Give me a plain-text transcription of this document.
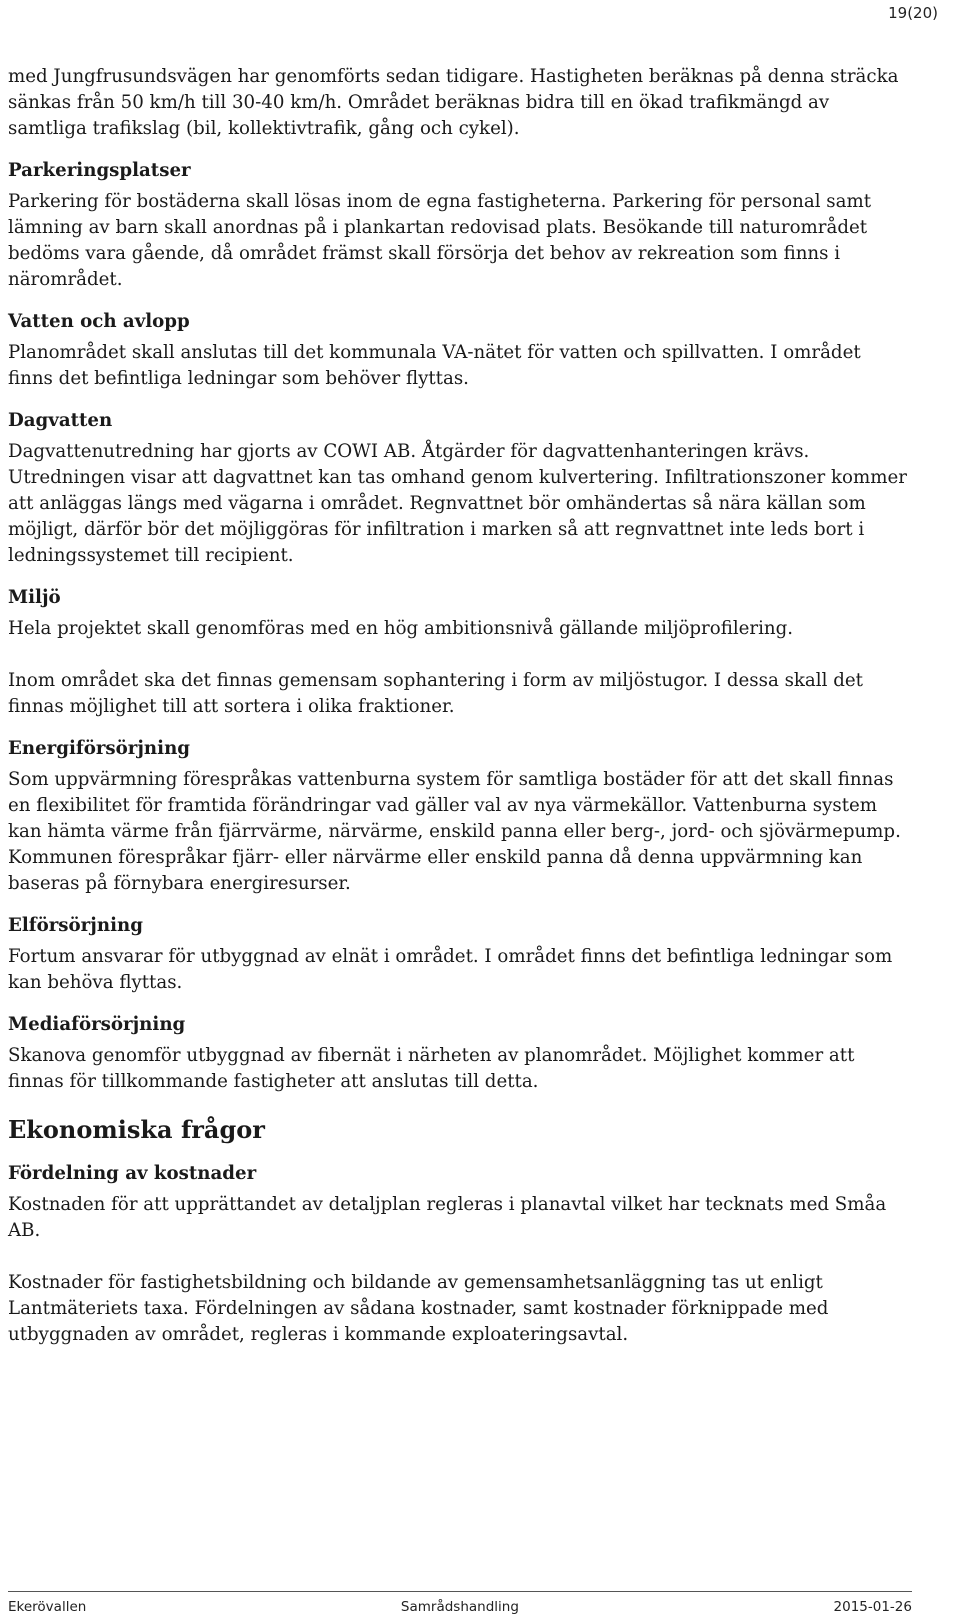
19(20)

med Jungfrusundsvägen har genomförts sedan tidigare. Hastigheten beräknas på denna sträcka sänkas från 50 km/h till 30-40 km/h. Området beräknas bidra till en ökad trafikmängd av samtliga trafikslag (bil, kollektivtrafik, gång och cykel).

Parkeringsplatser

Parkering för bostäderna skall lösas inom de egna fastigheterna. Parkering för personal samt lämning av barn skall anordnas på i plankartan redovisad plats. Besökande till naturområdet bedöms vara gående, då området främst skall försörja det behov av rekreation som finns i närområdet.

Vatten och avlopp

Planområdet skall anslutas till det kommunala VA-nätet för vatten och spillvatten. I området finns det befintliga ledningar som behöver flyttas.

Dagvatten

Dagvattenutredning har gjorts av COWI AB. Åtgärder för dagvattenhanteringen krävs. Utredningen visar att dagvattnet kan tas omhand genom kulvertering. Infiltrationszoner kommer att anläggas längs med vägarna i området. Regnvattnet bör omhändertas så nära källan som möjligt, därför bör det möjliggöras för infiltration i marken så att regnvattnet inte leds bort i ledningssystemet till recipient.

Miljö

Hela projektet skall genomföras med en hög ambitionsnivå gällande miljöprofilering.

Inom området ska det finnas gemensam sophantering i form av miljöstugor. I dessa skall det finnas möjlighet till att sortera i olika fraktioner.

Energiförsörjning

Som uppvärmning förespråkas vattenburna system för samtliga bostäder för att det skall finnas en flexibilitet för framtida förändringar vad gäller val av nya värmekällor. Vattenburna system kan hämta värme från fjärrvärme, närvärme, enskild panna eller berg-, jord- och sjövärmepump. Kommunen förespråkar fjärr- eller närvärme eller enskild panna då denna uppvärmning kan baseras på förnybara energiresurser.

Elförsörjning

Fortum ansvarar för utbyggnad av elnät i området. I området finns det befintliga ledningar som kan behöva flyttas.

Mediaförsörjning

Skanova genomför utbyggnad av fibernät i närheten av planområdet. Möjlighet kommer att finnas för tillkommande fastigheter att anslutas till detta.

Ekonomiska frågor
Fördelning av kostnader

Kostnaden för att upprättandet av detaljplan regleras i planavtal vilket har tecknats med Småa AB.

Kostnader för fastighetsbildning och bildande av gemensamhetsanläggning tas ut enligt Lantmäteriets taxa. Fördelningen av sådana kostnader, samt kostnader förknippade med utbyggnaden av området, regleras i kommande exploateringsavtal.

Ekerövallen	Samrådshandling	2015-01-26
